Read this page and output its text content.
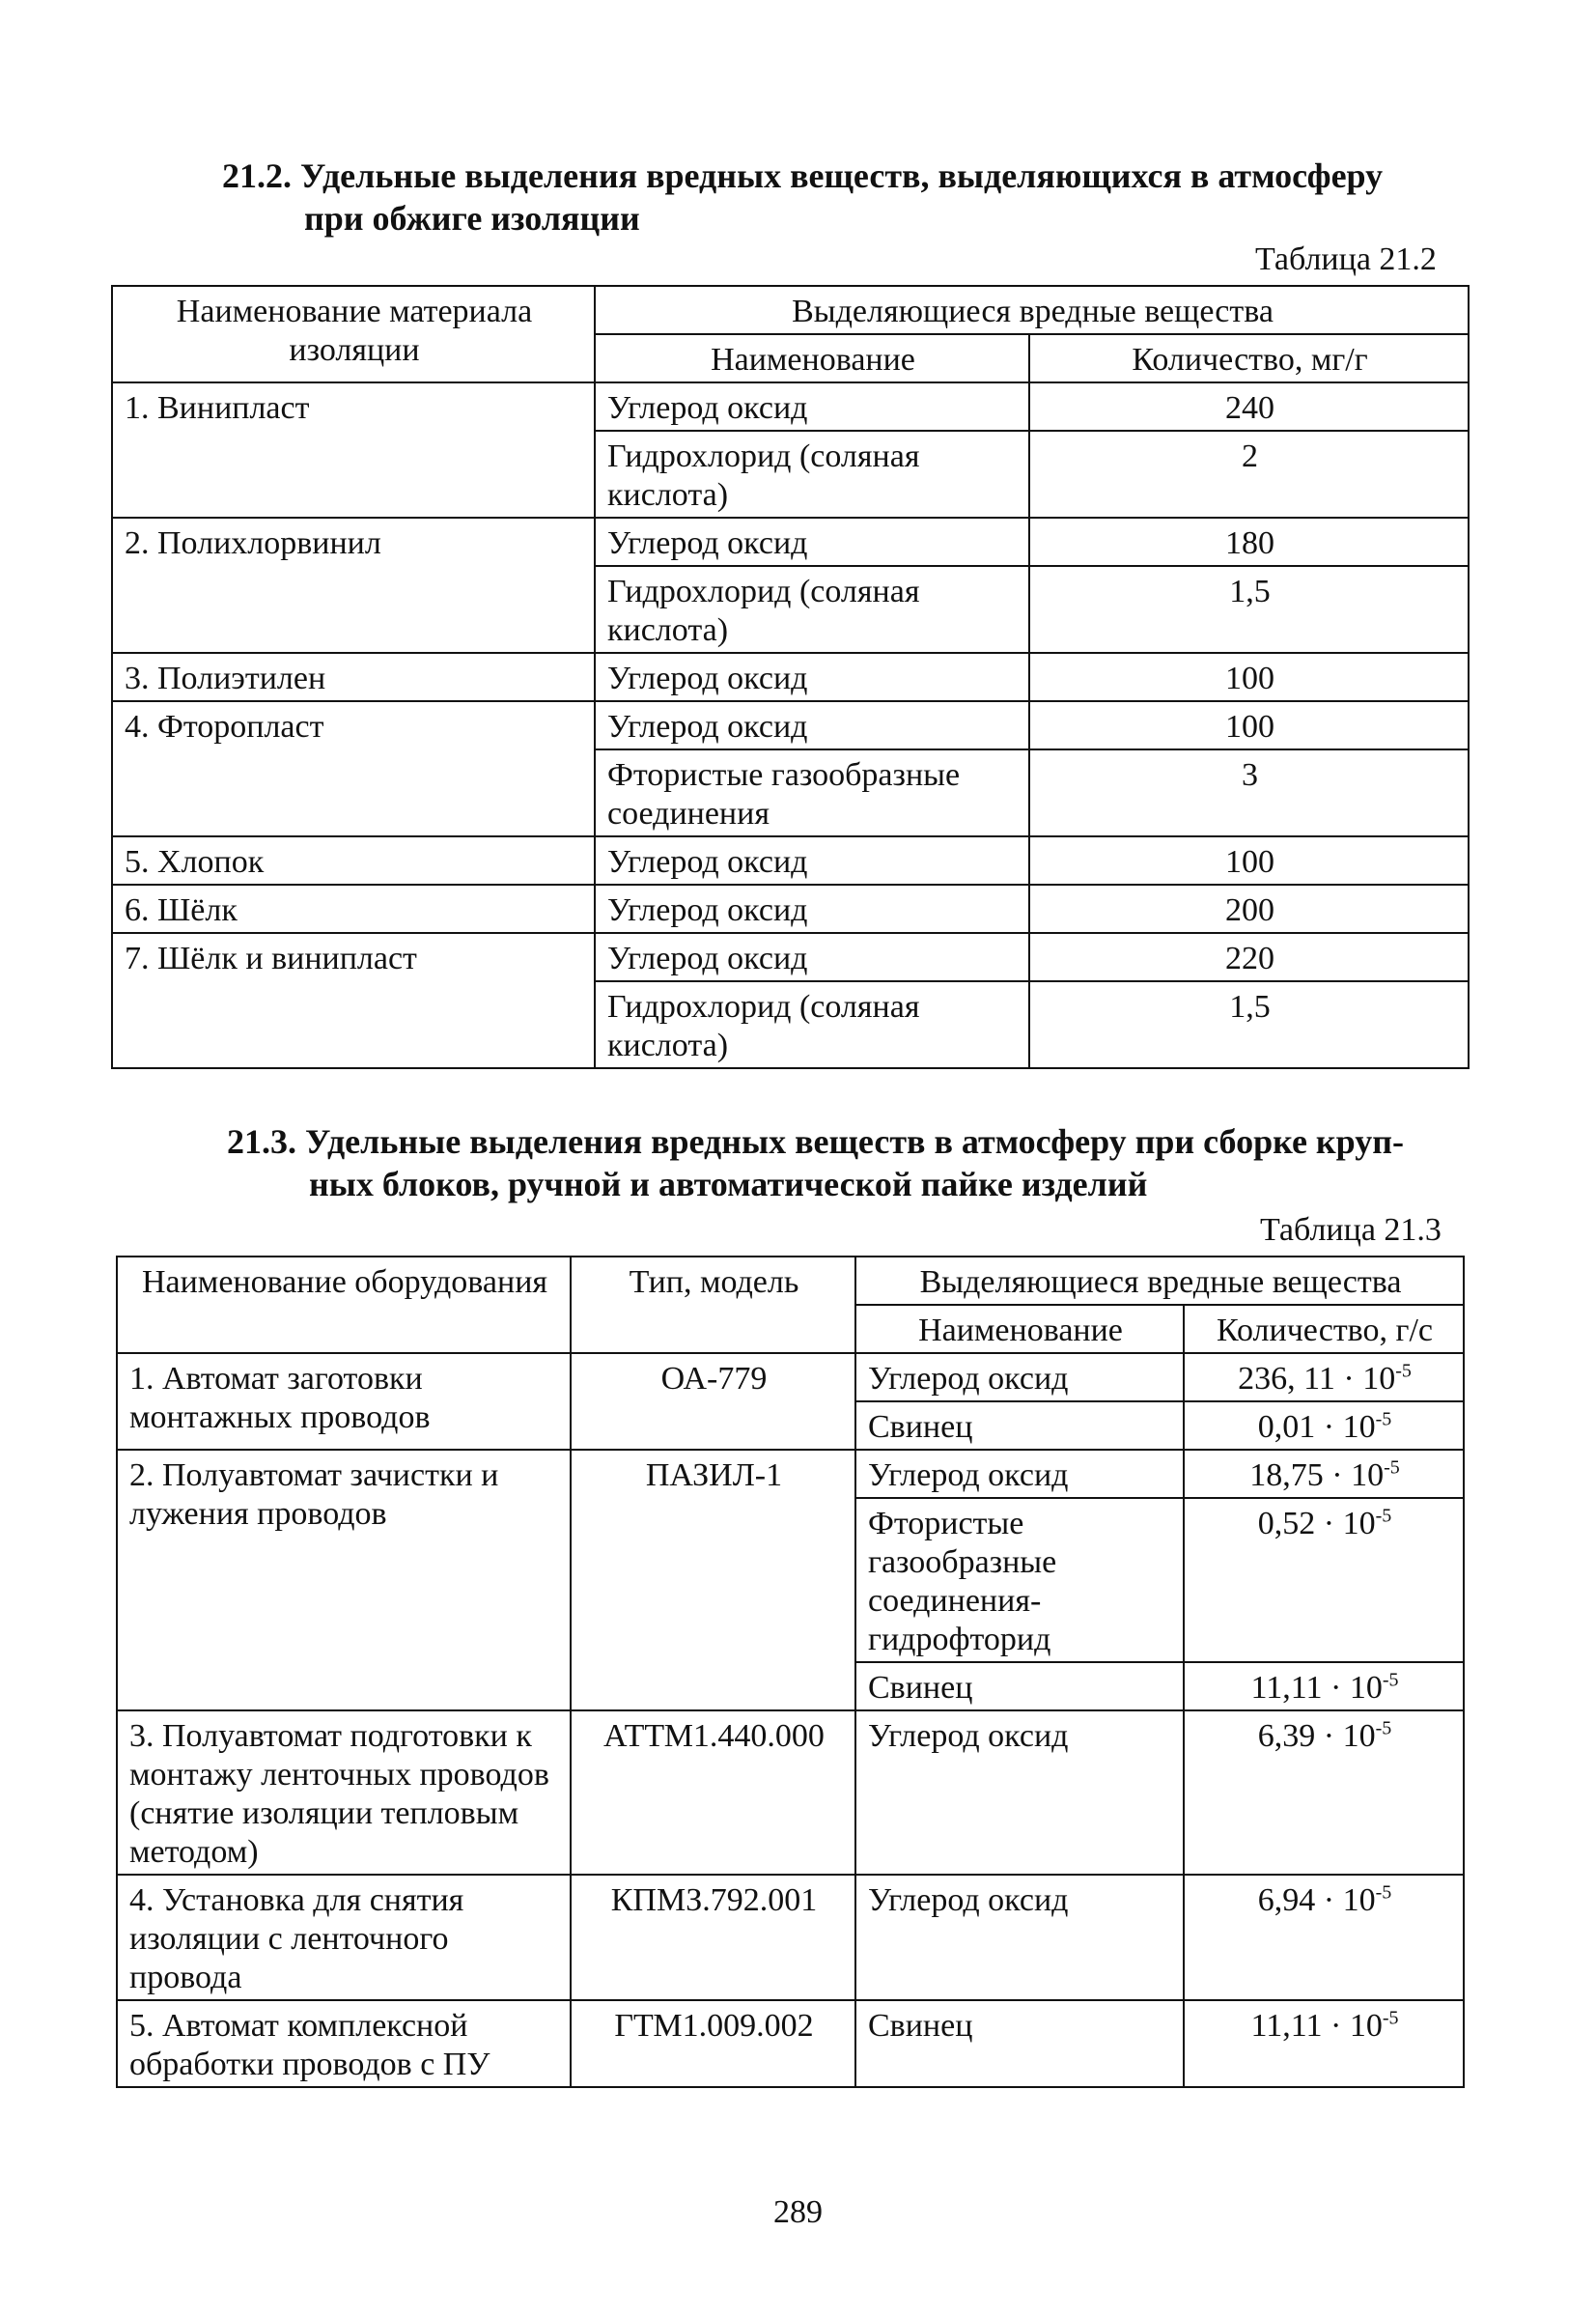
21.2. Удельные выделения вредных веществ, выделяющихся в атмосферу
при обжиге изоляции
Таблица 21.2
Наименование материала изоляции	Выделяющиеся вредные вещества	
	Наименование	Количество, мг/г
1. Винипласт	Углерод оксид	240
	Гидрохлорид (соляная кислота)	2
2. Полихлорвинил	Углерод оксид	180
	Гидрохлорид (соляная кислота)	1,5
3. Полиэтилен	Углерод оксид	100
4. Фторопласт	Углерод оксид	100
	Фтористые газообразные соединения	3
5. Хлопок	Углерод оксид	100
6. Шёлк	Углерод оксид	200
7. Шёлк и винипласт	Углерод оксид	220
	Гидрохлорид (соляная кислота)	1,5
21.3. Удельные выделения вредных веществ в атмосферу при сборке круп-
ных блоков, ручной и автоматической пайке изделий
Таблица 21.3
Наименование оборудования	Тип, модель	Выделяющиеся вредные вещества	
		Наименование	Количество, г/с
1. Автомат заготовки монтажных проводов	ОА-779	Углерод оксид	236, $11 \cdot 10^{-5}$
		Свинец	$0,01 \cdot 10^{-5}$
2. Полуавтомат зачистки и лужения проводов	ПАЗИЛ-1	Углерод оксид	$18,75 \cdot 10^{-5}$
		Фтористые газообразные соединения-гидрофторид	$0,52 \cdot 10^{-5}$
		Свинец	$11,11 \cdot 10^{-5}$
3. Полуавтомат подготовки к монтажу ленточных проводов (снятие изоляции тепловым методом)	АТТМ1.440.000	Углерод оксид	$6,39 \cdot 10^{-5}$
4. Установка для снятия изоляции с ленточного провода	КПМЗ.792.001	Углерод оксид	$6,94 \cdot 10^{-5}$
5. Автомат комплексной обработки проводов с ПУ	ГТМ1.009.002	Свинец	$11,11 \cdot 10^{-5}$
289
